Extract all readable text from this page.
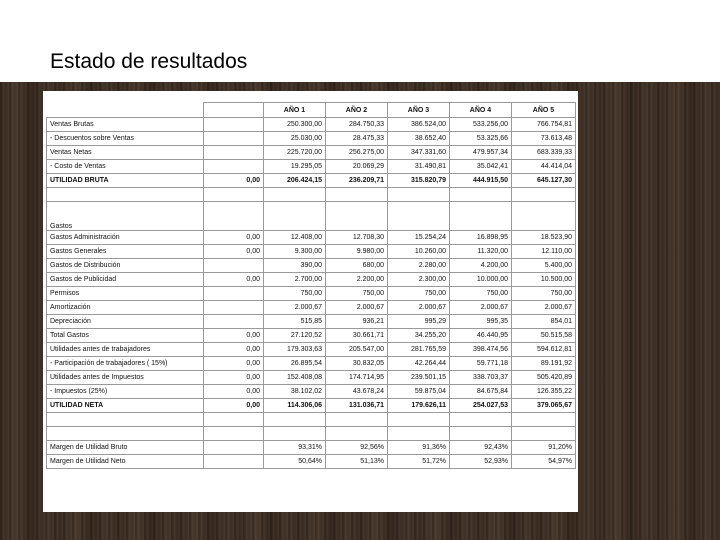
Estado de resultados
		AÑO 1	AÑO 2	AÑO 3	AÑO 4	AÑO 5
Ventas Brutas		250.300,00	284.750,33	386.524,00	533.256,00	766.754,81
- Descuentos sobre Ventas		25.030,00	28.475,33	38.652,40	53.325,66	73.613,48
Ventas Netas		225.720,00	256.275,00	347.331,60	479.957,34	683.339,33
- Costo de Ventas		19.295,05	20.069,29	31.490,81	35.042,41	44.414,04
UTILIDAD BRUTA	0,00	206.424,15	236.209,71	315.820,79	444.915,50	645.127,30

Gastos						
Gastos Administración	0,00	12.408,00	12.708,30	15.254,24	16.898,95	18.523,90
Gastos Generales	0,00	9.300,00	9.980,00	10.260,00	11.320,00	12.110,00
Gastos de Distribución		390,00	680,00	2.280,00	4.200,00	5.400,00
Gastos de Publicidad	0,00	2.700,00	2.200,00	2.300,00	10.000,00	10.500,00
Permisos		750,00	750,00	750,00	750,00	750,00
Amortización		2.000,67	2.000,67	2.000,67	2.000,67	2.000,67
Depreciación		515,85	936,21	995,29	995,35	854,01
Total Gastos	0,00	27.120,52	30.661,71	34.255,20	46.440,95	50.515,58
Utilidades antes de trabajadores	0,00	179.303,63	205.547,00	281.765,59	398.474,56	594.612,81
- Participación de trabajadores ( 15%)	0,00	26.895,54	30.832,05	42.264,44	59.771,18	89.191,92
Utilidades antes de Impuestos	0,00	152.408,08	174.714,95	239.501,15	338.703,37	505.420,89
- Impuestos (25%)	0,00	38.102,02	43.678,24	59.875,04	84.675,84	126.355,22
UTILIDAD NETA	0,00	114.306,06	131.036,71	179.626,11	254.027,53	379.065,67

Margen de Utilidad Bruto		93,31%	92,56%	91,36%	92,43%	91,20%
Margen de Utilidad Neto		50,64%	51,13%	51,72%	52,93%	54,97%
